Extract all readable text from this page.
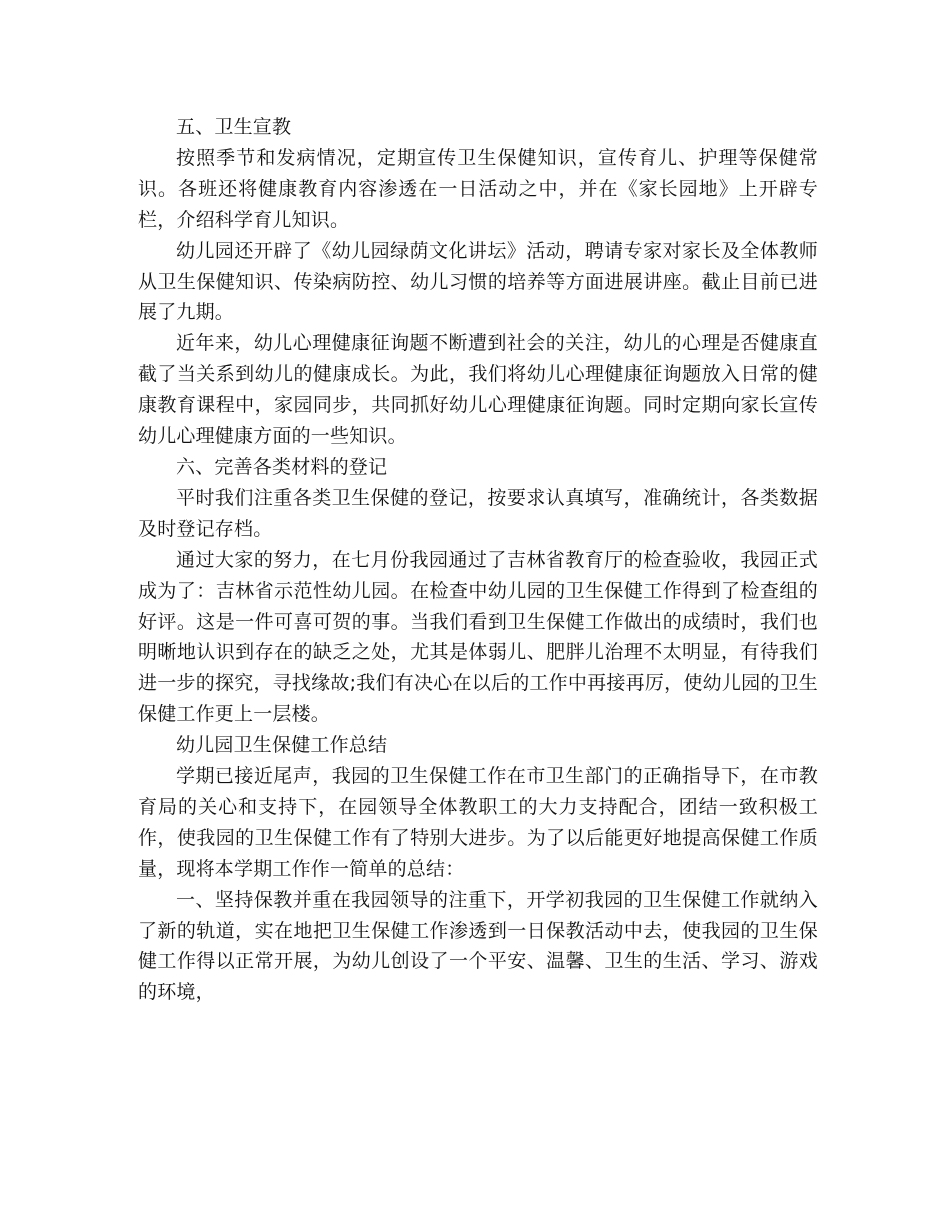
五、卫生宣教

按照季节和发病情况，定期宣传卫生保健知识，宣传育儿、护理等保健常识。各班还将健康教育内容渗透在一日活动之中，并在《家长园地》上开辟专栏，介绍科学育儿知识。

幼儿园还开辟了《幼儿园绿荫文化讲坛》活动，聘请专家对家长及全体教师从卫生保健知识、传染病防控、幼儿习惯的培养等方面进展讲座。截止目前已进展了九期。

近年来，幼儿心理健康征询题不断遭到社会的关注，幼儿的心理是否健康直截了当关系到幼儿的健康成长。为此，我们将幼儿心理健康征询题放入日常的健康教育课程中，家园同步，共同抓好幼儿心理健康征询题。同时定期向家长宣传幼儿心理健康方面的一些知识。

六、完善各类材料的登记

平时我们注重各类卫生保健的登记，按要求认真填写，准确统计，各类数据及时登记存档。

通过大家的努力，在七月份我园通过了吉林省教育厅的检查验收，我园正式成为了：吉林省示范性幼儿园。在检查中幼儿园的卫生保健工作得到了检查组的好评。这是一件可喜可贺的事。当我们看到卫生保健工作做出的成绩时，我们也明晰地认识到存在的缺乏之处，尤其是体弱儿、肥胖儿治理不太明显，有待我们进一步的探究，寻找缘故;我们有决心在以后的工作中再接再厉，使幼儿园的卫生保健工作更上一层楼。

幼儿园卫生保健工作总结

学期已接近尾声，我园的卫生保健工作在市卫生部门的正确指导下，在市教育局的关心和支持下，在园领导全体教职工的大力支持配合，团结一致积极工作，使我园的卫生保健工作有了特别大进步。为了以后能更好地提高保健工作质量，现将本学期工作作一简单的总结：

一、坚持保教并重在我园领导的注重下，开学初我园的卫生保健工作就纳入了新的轨道，实在地把卫生保健工作渗透到一日保教活动中去，使我园的卫生保健工作得以正常开展，为幼儿创设了一个平安、温馨、卫生的生活、学习、游戏的环境，
